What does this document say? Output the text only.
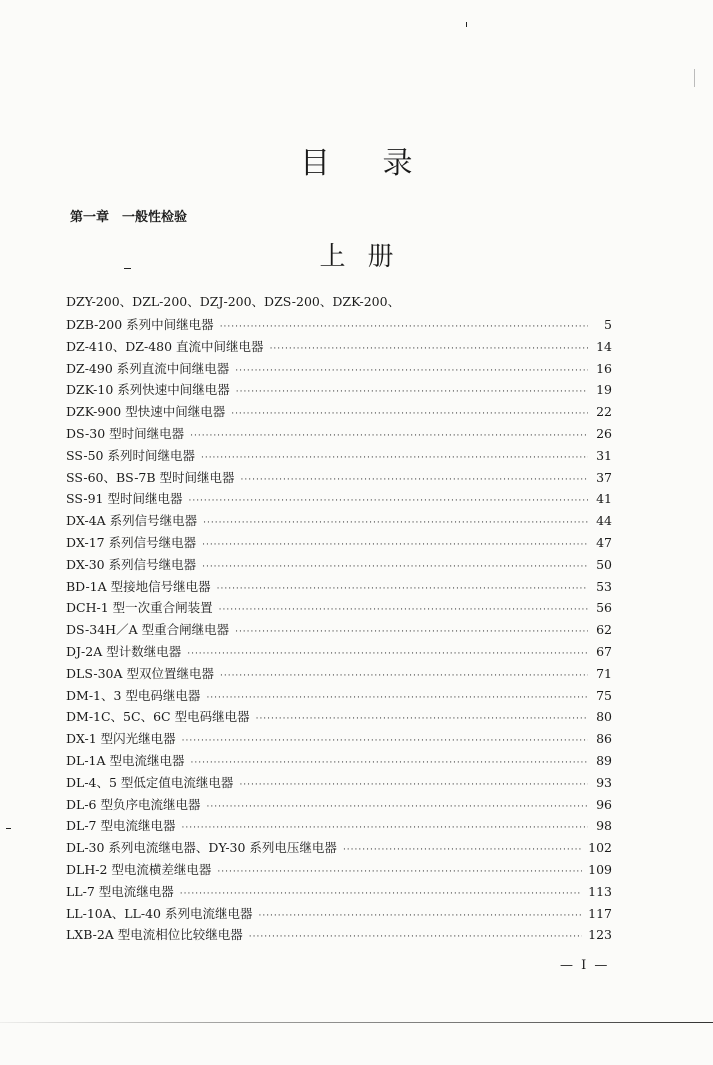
目 录
第一章　一般性检验
上 册
DZY-200、DZL-200、DZJ-200、DZS-200、DZK-200、
DZB-200 系列中间继电器 ·····	5
DZ-410、DZ-480 直流中间继电器 ·····	14
DZ-490 系列直流中间继电器 ·····	16
DZK-10 系列快速中间继电器 ·····	19
DZK-900 型快速中间继电器 ·····	22
DS-30 型时间继电器 ·····	26
SS-50 系列时间继电器 ·····	31
SS-60、BS-7B 型时间继电器 ·····	37
SS-91 型时间继电器 ·····	41
DX-4A 系列信号继电器 ·····	44
DX-17 系列信号继电器 ·····	47
DX-30 系列信号继电器 ·····	50
BD-1A 型接地信号继电器 ·····	53
DCH-1 型一次重合闸装置 ·····	56
DS-34H／A 型重合闸继电器 ·····	62
DJ-2A 型计数继电器 ·····	67
DLS-30A 型双位置继电器 ·····	71
DM-1、3 型电码继电器 ·····	75
DM-1C、5C、6C 型电码继电器 ·····	80
DX-1 型闪光继电器 ·····	86
DL-1A 型电流继电器 ·····	89
DL-4、5 型低定值电流继电器 ·····	93
DL-6 型负序电流继电器 ·····	96
DL-7 型电流继电器 ·····	98
DL-30 系列电流继电器、DY-30 系列电压继电器 ·····	102
DLH-2 型电流横差继电器 ·····	109
LL-7 型电流继电器 ·····	113
LL-10A、LL-40 系列电流继电器 ·····	117
LXB-2A 型电流相位比较继电器 ·····	123
— I —
